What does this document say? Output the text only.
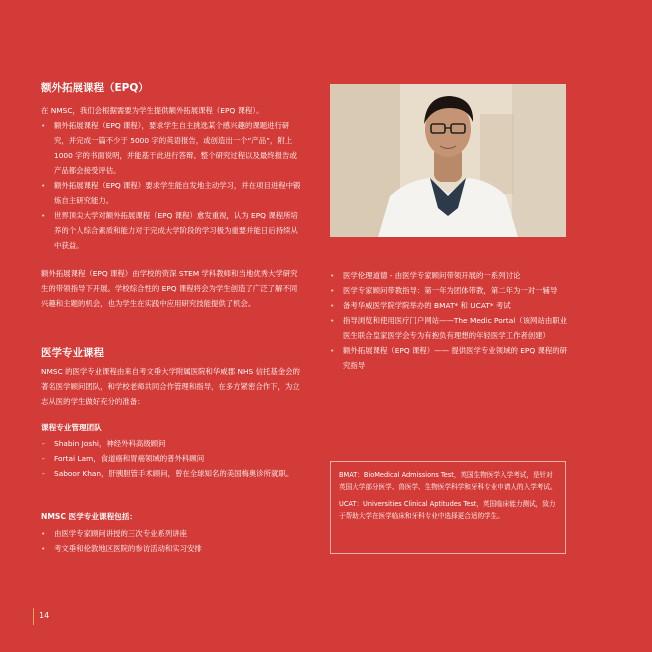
额外拓展课程（EPQ）
在 NMSC，我们会根据需要为学生提供额外拓展课程（EPQ 课程）。
• 额外拓展课程（EPQ 课程），要求学生自主挑选某个感兴趣的课题进行研究，并完成一篇不少于 5000 字的英语报告，或创造出一个“产品”，附上 1000 字的书面说明，并能基于此进行答辩。整个研究过程以及最终报告或产品都会接受评估。
• 额外拓展课程（EPQ 课程）要求学生能自发地主动学习，并在项目进程中锻炼自主研究能力。
• 世界顶尖大学对额外拓展课程（EPQ 课程）愈发重视，认为 EPQ 课程所培养的个人综合素质和能力对于完成大学阶段的学习极为重要并能日后持续从中获益。
额外拓展课程（EPQ 课程）由学校的资深 STEM 学科教师和当地优秀大学研究生的带领指导下开展。学校综合性的 EPQ 课程将会为学生创造了广泛了解不同兴趣和主题的机会，也为学生在实践中应用研究技能提供了机会。
医学专业课程
NMSC 的医学专业课程由来自考文垂大学附属医院和华威郡 NHS 信托基金会的著名医学顾问团队，和学校老师共同合作管理和指导，在多方紧密合作下，为立志从医的学生做好充分的准备：
课程专业管理团队
- Shabin Joshi，神经外科高级顾问
- Fortai Lam，食道癌和胃癌领域的普外科顾问
- Saboor Khan，肝胰胆管手术顾问，曾在全球知名的美国梅奥诊所就职。
NMSC 医学专业课程包括：
• 由医学专家顾问讲授的三次专业系列讲座
• 考文垂和伦敦地区医院的参访活动和实习安排
• 医学伦理道德 - 由医学专家顾问带领开展的一系列讨论
• 医学专家顾问带教指导：第一年为团体带教，第二年为一对一辅导
• 备考华威医学院学院举办的 BMAT* 和 UCAT* 考试
• 指导浏览和使用医疗门户网站——The Medic Portal（该网站由职业医生联合皇家医学会专为有抱负有理想的年轻医学工作者创建）
• 额外拓展课程（EPQ 课程）—— 提供医学专业领域的 EPQ 课程的研究指导
BMAT：BioMedical Admissions Test，英国生物医学入学考试，是针对英国大学部分医学、兽医学、生物医学科学和牙科专业申请人的入学考试。
UCAT：Universities Clinical Aptitudes Test，英国临床能力测试，致力于帮助大学在医学临床和牙科专业中选择更合适的学生。
14
